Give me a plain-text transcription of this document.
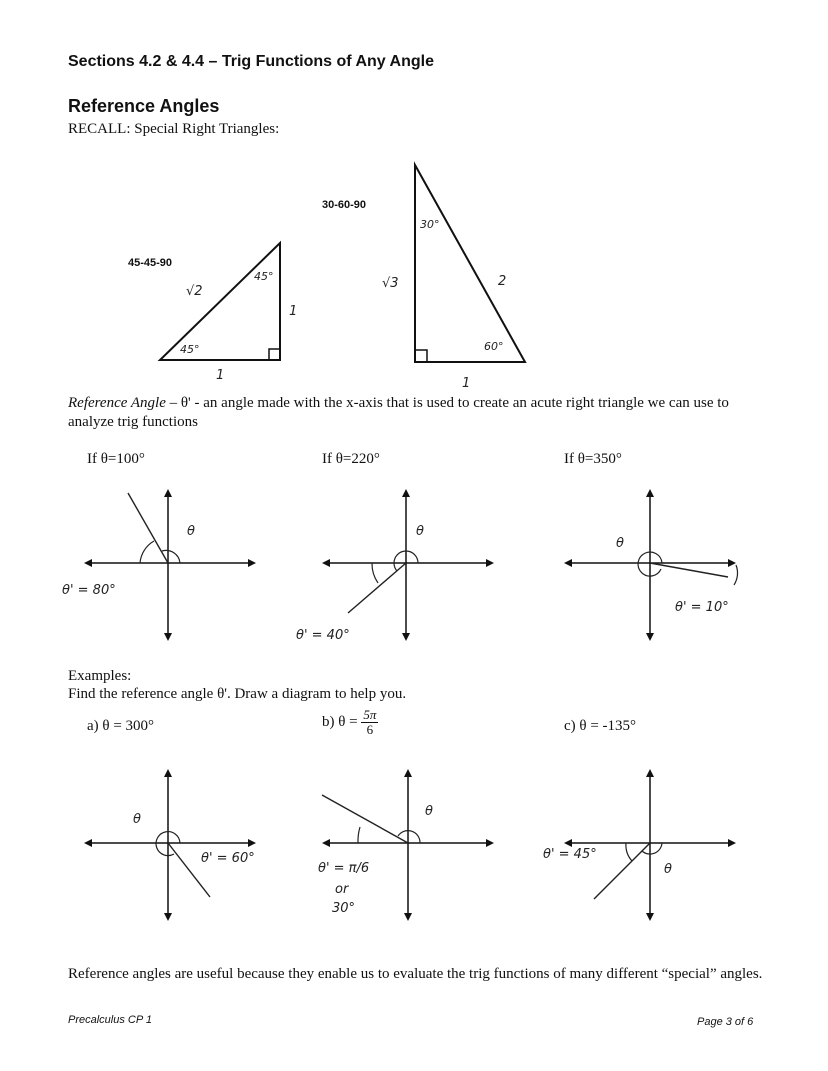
Sections 4.2 & 4.4 – Trig Functions of Any Angle
Reference Angles
RECALL: Special Right Triangles:
45-45-90
√2
1
1
45°
45°
30-60-90
√3	2
1
30°
60°
Reference Angle – θ' - an angle made with the x-axis that is used to create an acute right triangle we can use to analyze trig functions
If θ=100°	If θ=220°	If θ=350°
θ
θ' = 80°
θ
θ' = 40°
θ
θ' = 10°
Examples:
Find the reference angle θ'. Draw a diagram to help you.
a) θ = 300°	b) $\theta = \frac{5\pi}{6}$	c) θ = -135°
θ
θ' = 60°
θ
θ' = π/6
or
30°
θ
θ' = 45°
Reference angles are useful because they enable us to evaluate the trig functions of many different “special” angles.
Precalculus CP 1	Page 3 of 6
